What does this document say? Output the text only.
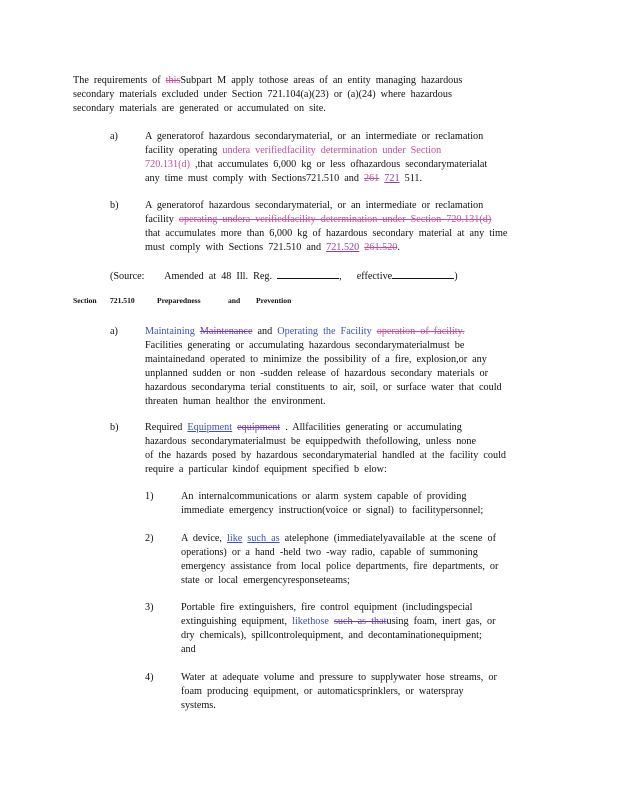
The requirements of thisSubpart M apply tothose areas of an entity managing hazardous
secondary materials excluded under Section 721.104(a)(23) or (a)(24) where hazardous
secondary materials are generated or accumulated on site.
a)	A generatorof hazardous secondarymaterial, or an intermediate or reclamation
facility operating undera verifiedfacility determination under Section
720.131(d) ,that accumulates 6,000 kg or less ofhazardous secondarymaterialat
any time must comply with Sections721.510 and 261 721 511.
b)	A generatorof hazardous secondarymaterial, or an intermediate or reclamation
facility operating undera verifiedfacility determination under Section 720.131(d)
that accumulates more than 6,000 kg of hazardous secondary material at any time
must comply with Sections 721.510 and 721.520 261.520.
(Source: Amended at 48 Ill. Reg.	, effective	)
Section 721.510	Preparedness	and Prevention
a)	Maintaining Maintenance and Operating the Facility operation of facility.
Facilities generating or accumulating hazardous secondarymaterialmust be
maintainedand operated to minimize the possibility of a fire, explosion,or any
unplanned sudden or non -sudden release of hazardous secondary materials or
hazardous secondaryma terial constituents to air, soil, or surface water that could
threaten human healthor the environment.
b)	Required Equipment equipment . Allfacilities generating or accumulating
hazardous secondarymaterialmust be equippedwith thefollowing, unless none
of the hazards posed by hazardous secondarymaterial handled at the facility could
require a particular kindof equipment specified b elow:
1)	An internalcommunications or alarm system capable of providing
immediate emergency instruction(voice or signal) to facilitypersonnel;
2)	A device, like such as atelephone (immediatelyavailable at the scene of
operations) or a hand -held two -way radio, capable of summoning
emergency assistance from local police departments, fire departments, or
state or local emergencyresponseteams;
3)	Portable fire extinguishers, fire control equipment (includingspecial
extinguishing equipment, likethose such as thatusing foam, inert gas, or
dry chemicals), spillcontrolequipment, and decontaminationequipment;
and
4)	Water at adequate volume and pressure to supplywater hose streams, or
foam producing equipment, or automaticsprinklers, or waterspray
systems.
